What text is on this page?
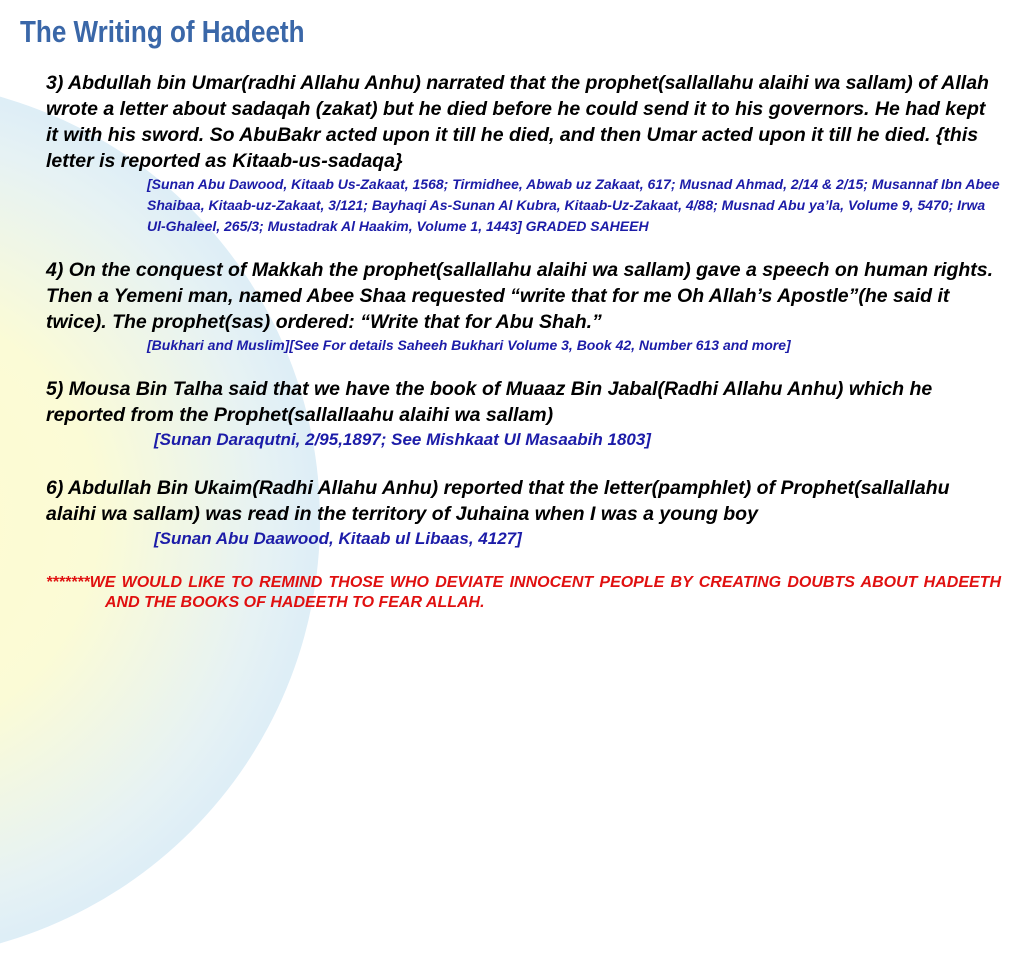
The Writing of Hadeeth

3) Abdullah bin Umar(radhi Allahu Anhu) narrated that the prophet(sallallahu alaihi wa sallam) of Allah wrote a letter about sadaqah (zakat) but he died before he could send it to his governors. He had kept it with his sword. So AbuBakr acted upon it till he died, and then Umar acted upon it till he died. {this letter is reported as Kitaab-us-sadaqa}

[Sunan Abu Dawood, Kitaab Us-Zakaat, 1568; Tirmidhee, Abwab uz Zakaat, 617; Musnad Ahmad, 2/14 & 2/15; Musannaf Ibn Abee Shaibaa, Kitaab-uz-Zakaat, 3/121; Bayhaqi As-Sunan Al Kubra, Kitaab-Uz-Zakaat, 4/88; Musnad Abu ya’la, Volume 9, 5470; Irwa Ul-Ghaleel, 265/3; Mustadrak Al Haakim, Volume 1, 1443] GRADED SAHEEH

4) On the conquest of Makkah the prophet(sallallahu alaihi wa sallam) gave a speech on human rights. Then a Yemeni man, named Abee Shaa requested “write that for me Oh Allah’s Apostle”(he said it twice). The prophet(sas) ordered: “Write that for Abu Shah.”

[Bukhari and Muslim][See For details Saheeh Bukhari Volume 3, Book 42, Number 613 and more]

5) Mousa Bin Talha said that we have the book of Muaaz Bin Jabal(Radhi Allahu Anhu) which he reported from the Prophet(sallallaahu alaihi wa sallam)

[Sunan Daraqutni, 2/95,1897; See Mishkaat Ul Masaabih 1803]

6) Abdullah Bin Ukaim(Radhi Allahu Anhu) reported that the letter(pamphlet) of Prophet(sallallahu alaihi wa sallam) was read in the territory of Juhaina when I was a young boy

[Sunan Abu Daawood, Kitaab ul Libaas, 4127]

*******WE WOULD LIKE TO REMIND THOSE WHO DEVIATE INNOCENT PEOPLE BY CREATING DOUBTS ABOUT HADEETH AND THE BOOKS OF HADEETH TO FEAR ALLAH.
